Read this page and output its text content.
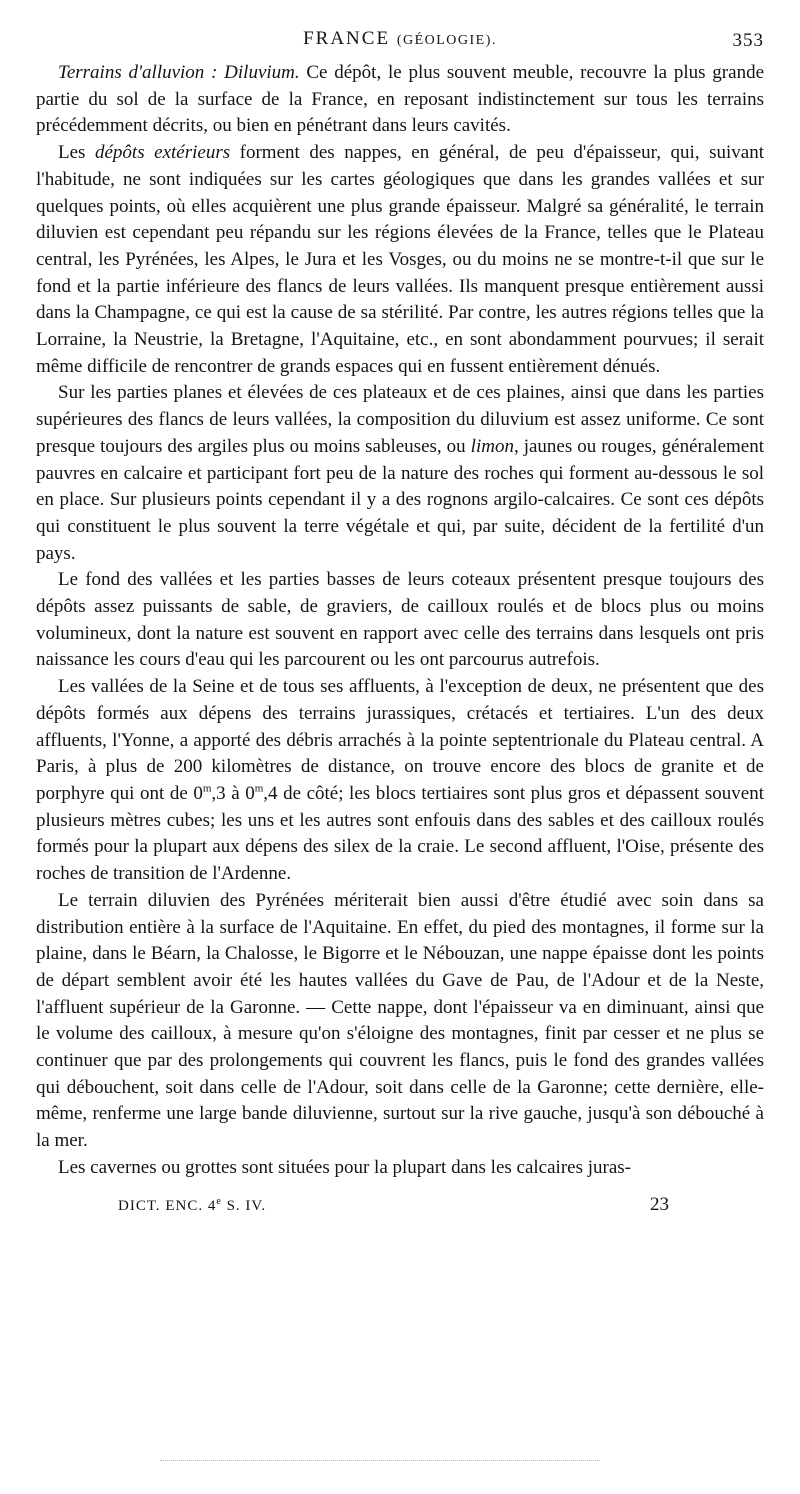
FRANCE (GÉOLOGIE).	353

Terrains d'alluvion : Diluvium. Ce dépôt, le plus souvent meuble, recouvre la plus grande partie du sol de la surface de la France, en reposant indistinctement sur tous les terrains précédemment décrits, ou bien en pénétrant dans leurs cavités.

Les dépôts extérieurs forment des nappes, en général, de peu d'épaisseur, qui, suivant l'habitude, ne sont indiquées sur les cartes géologiques que dans les grandes vallées et sur quelques points, où elles acquièrent une plus grande épaisseur. Malgré sa généralité, le terrain diluvien est cependant peu répandu sur les régions élevées de la France, telles que le Plateau central, les Pyrénées, les Alpes, le Jura et les Vosges, ou du moins ne se montre-t-il que sur le fond et la partie inférieure des flancs de leurs vallées. Ils manquent presque entièrement aussi dans la Champagne, ce qui est la cause de sa stérilité. Par contre, les autres régions telles que la Lorraine, la Neustrie, la Bretagne, l'Aquitaine, etc., en sont abondamment pourvues; il serait même difficile de rencontrer de grands espaces qui en fussent entièrement dénués.

Sur les parties planes et élevées de ces plateaux et de ces plaines, ainsi que dans les parties supérieures des flancs de leurs vallées, la composition du diluvium est assez uniforme. Ce sont presque toujours des argiles plus ou moins sableuses, ou limon, jaunes ou rouges, généralement pauvres en calcaire et participant fort peu de la nature des roches qui forment au-dessous le sol en place. Sur plusieurs points cependant il y a des rognons argilo-calcaires. Ce sont ces dépôts qui constituent le plus souvent la terre végétale et qui, par suite, décident de la fertilité d'un pays.

Le fond des vallées et les parties basses de leurs coteaux présentent presque toujours des dépôts assez puissants de sable, de graviers, de cailloux roulés et de blocs plus ou moins volumineux, dont la nature est souvent en rapport avec celle des terrains dans lesquels ont pris naissance les cours d'eau qui les parcourent ou les ont parcourus autrefois.

Les vallées de la Seine et de tous ses affluents, à l'exception de deux, ne présentent que des dépôts formés aux dépens des terrains jurassiques, crétacés et tertiaires. L'un des deux affluents, l'Yonne, a apporté des débris arrachés à la pointe septentrionale du Plateau central. A Paris, à plus de 200 kilomètres de distance, on trouve encore des blocs de granite et de porphyre qui ont de 0$^m$,3 à 0$^m$,4 de côté; les blocs tertiaires sont plus gros et dépassent souvent plusieurs mètres cubes; les uns et les autres sont enfouis dans des sables et des cailloux roulés formés pour la plupart aux dépens des silex de la craie. Le second affluent, l'Oise, présente des roches de transition de l'Ardenne.

Le terrain diluvien des Pyrénées mériterait bien aussi d'être étudié avec soin dans sa distribution entière à la surface de l'Aquitaine. En effet, du pied des montagnes, il forme sur la plaine, dans le Béarn, la Chalosse, le Bigorre et le Nébouzan, une nappe épaisse dont les points de départ semblent avoir été les hautes vallées du Gave de Pau, de l'Adour et de la Neste, l'affluent supérieur de la Garonne. — Cette nappe, dont l'épaisseur va en diminuant, ainsi que le volume des cailloux, à mesure qu'on s'éloigne des montagnes, finit par cesser et ne plus se continuer que par des prolongements qui couvrent les flancs, puis le fond des grandes vallées qui débouchent, soit dans celle de l'Adour, soit dans celle de la Garonne; cette dernière, elle-même, renferme une large bande diluvienne, surtout sur la rive gauche, jusqu'à son débouché à la mer.

Les cavernes ou grottes sont situées pour la plupart dans les calcaires juras-

DICT. ENC. 4e S. IV.	23
